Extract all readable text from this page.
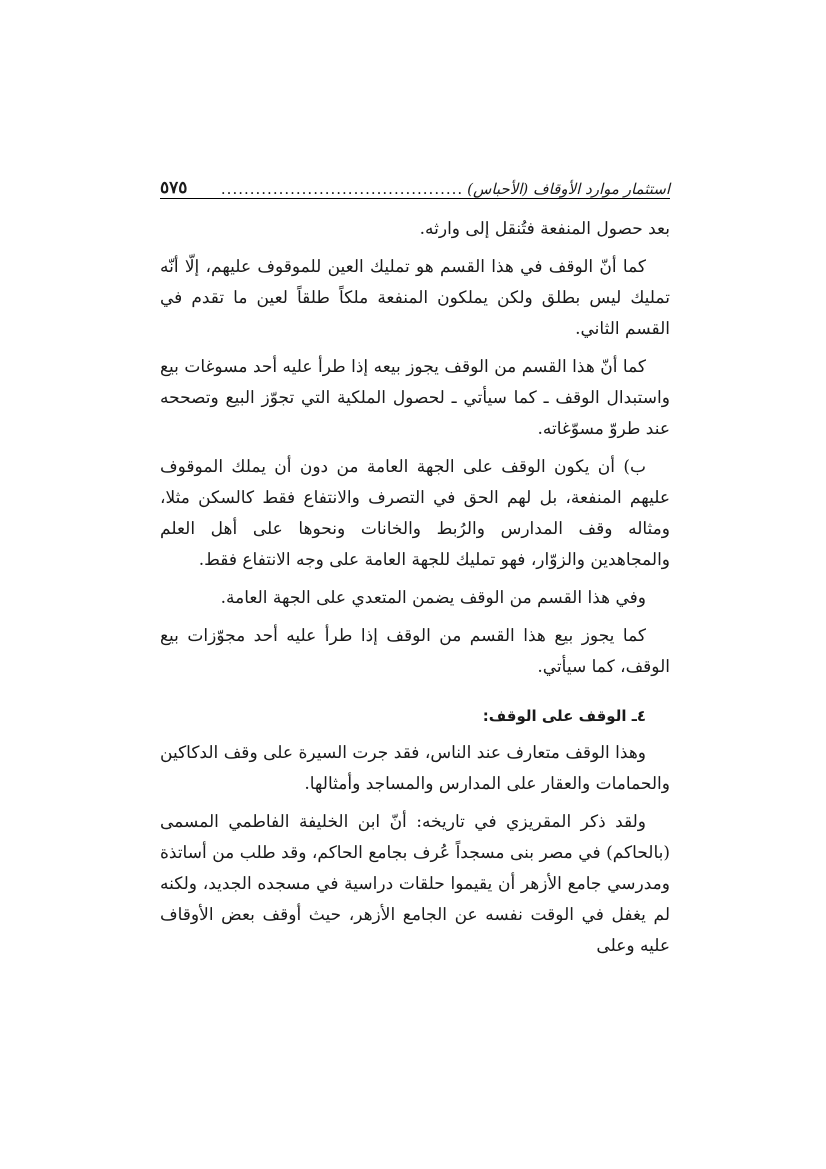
استثمار موارد الأوقاف (الأحباس)
..........................................
٥٧٥

بعد حصول المنفعة فتُنقل إلى وارثه.

كما أنّ الوقف في هذا القسم هو تمليك العين للموقوف عليهم، إلّا أنّه تمليك ليس بطلق ولكن يملكون المنفعة ملكاً طلقاً لعين ما تقدم في القسم الثاني.

كما أنّ هذا القسم من الوقف يجوز بيعه إذا طرأ عليه أحد مسوغات بيع واستبدال الوقف ـ كما سيأتي ـ لحصول الملكية التي تجوّز البيع وتصححه عند طروّ مسوّغاته.

ب) أن يكون الوقف على الجهة العامة من دون أن يملك الموقوف عليهم المنفعة، بل لهم الحق في التصرف والانتفاع فقط كالسكن مثلا، ومثاله وقف المدارس والرُبط والخانات ونحوها على أهل العلم والمجاهدين والزوّار، فهو تمليك للجهة العامة على وجه الانتفاع فقط.

وفي هذا القسم من الوقف يضمن المتعدي على الجهة العامة.

كما يجوز بيع هذا القسم من الوقف إذا طرأ عليه أحد مجوّزات بيع الوقف، كما سيأتي.

٤ـ الوقف على الوقف:

وهذا الوقف متعارف عند الناس، فقد جرت السيرة على وقف الدكاكين والحمامات والعقار على المدارس والمساجد وأمثالها.

ولقد ذكر المقريزي في تاريخه: أنّ ابن الخليفة الفاطمي المسمى (بالحاكم) في مصر بنى مسجداً عُرف بجامع الحاكم، وقد طلب من أساتذة ومدرسي جامع الأزهر أن يقيموا حلقات دراسية في مسجده الجديد، ولكنه لم يغفل في الوقت نفسه عن الجامع الأزهر، حيث أوقف بعض الأوقاف عليه وعلى
